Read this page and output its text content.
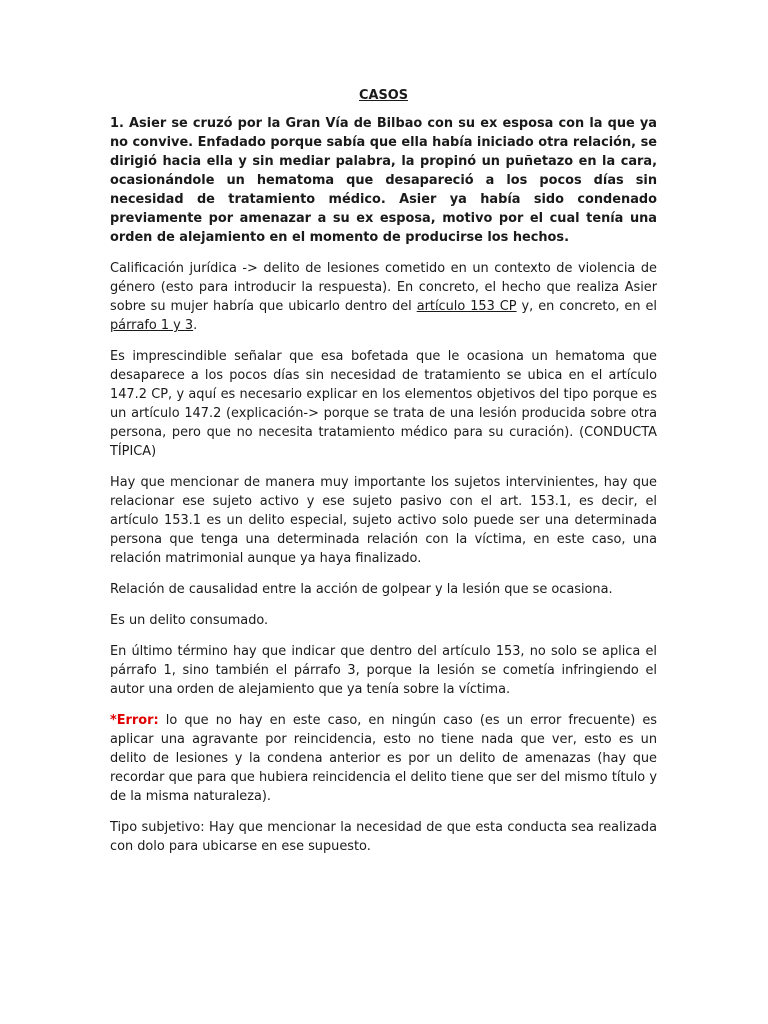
CASOS

1. Asier se cruzó por la Gran Vía de Bilbao con su ex esposa con la que ya no convive. Enfadado porque sabía que ella había iniciado otra relación, se dirigió hacia ella y sin mediar palabra, la propinó un puñetazo en la cara, ocasionándole un hematoma que desapareció a los pocos días sin necesidad de tratamiento médico. Asier ya había sido condenado previamente por amenazar a su ex esposa, motivo por el cual tenía una orden de alejamiento en el momento de producirse los hechos.

Calificación jurídica -> delito de lesiones cometido en un contexto de violencia de género (esto para introducir la respuesta). En concreto, el hecho que realiza Asier sobre su mujer habría que ubicarlo dentro del artículo 153 CP y, en concreto, en el párrafo 1 y 3.

Es imprescindible señalar que esa bofetada que le ocasiona un hematoma que desaparece a los pocos días sin necesidad de tratamiento se ubica en el artículo 147.2 CP, y aquí es necesario explicar en los elementos objetivos del tipo porque es un artículo 147.2 (explicación-> porque se trata de una lesión producida sobre otra persona, pero que no necesita tratamiento médico para su curación). (CONDUCTA TÍPICA)

Hay que mencionar de manera muy importante los sujetos intervinientes, hay que relacionar ese sujeto activo y ese sujeto pasivo con el art. 153.1, es decir, el artículo 153.1 es un delito especial, sujeto activo solo puede ser una determinada persona que tenga una determinada relación con la víctima, en este caso, una relación matrimonial aunque ya haya finalizado.

Relación de causalidad entre la acción de golpear y la lesión que se ocasiona.

Es un delito consumado.

En último término hay que indicar que dentro del artículo 153, no solo se aplica el párrafo 1, sino también el párrafo 3, porque la lesión se cometía infringiendo el autor una orden de alejamiento que ya tenía sobre la víctima.

*Error: lo que no hay en este caso, en ningún caso (es un error frecuente) es aplicar una agravante por reincidencia, esto no tiene nada que ver, esto es un delito de lesiones y la condena anterior es por un delito de amenazas (hay que recordar que para que hubiera reincidencia el delito tiene que ser del mismo título y de la misma naturaleza).

Tipo subjetivo: Hay que mencionar la necesidad de que esta conducta sea realizada con dolo para ubicarse en ese supuesto.
